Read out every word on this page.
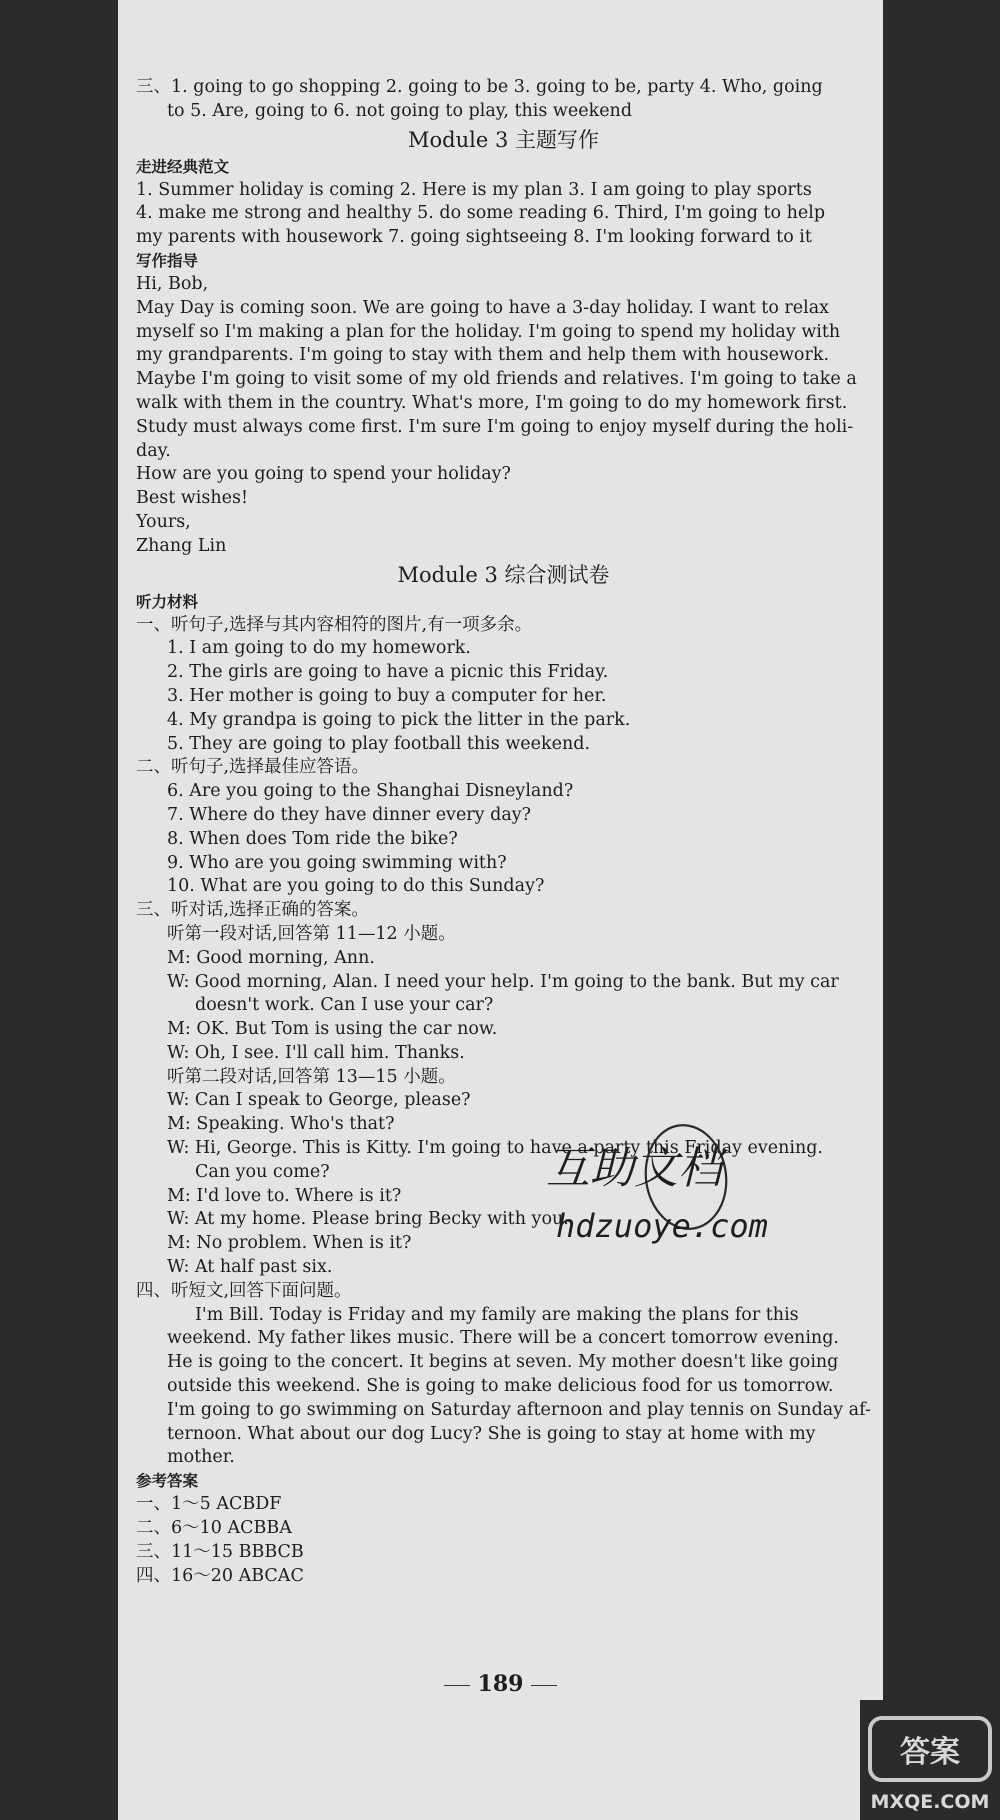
三、1. going to go shopping 2. going to be 3. going to be, party 4. Who, going
to 5. Are, going to 6. not going to play, this weekend
Module 3 主题写作
走进经典范文
1. Summer holiday is coming 2. Here is my plan 3. I am going to play sports
4. make me strong and healthy 5. do some reading 6. Third, I'm going to help
my parents with housework 7. going sightseeing 8. I'm looking forward to it
写作指导
Hi, Bob,
May Day is coming soon. We are going to have a 3-day holiday. I want to relax
myself so I'm making a plan for the holiday. I'm going to spend my holiday with
my grandparents. I'm going to stay with them and help them with housework.
Maybe I'm going to visit some of my old friends and relatives. I'm going to take a
walk with them in the country. What's more, I'm going to do my homework first.
Study must always come first. I'm sure I'm going to enjoy myself during the holi-
day.
How are you going to spend your holiday?
Best wishes!
Yours,
Zhang Lin
Module 3 综合测试卷
听力材料
一、听句子,选择与其内容相符的图片,有一项多余。
1. I am going to do my homework.
2. The girls are going to have a picnic this Friday.
3. Her mother is going to buy a computer for her.
4. My grandpa is going to pick the litter in the park.
5. They are going to play football this weekend.
二、听句子,选择最佳应答语。
6. Are you going to the Shanghai Disneyland?
7. Where do they have dinner every day?
8. When does Tom ride the bike?
9. Who are you going swimming with?
10. What are you going to do this Sunday?
三、听对话,选择正确的答案。
听第一段对话,回答第 11—12 小题。
M: Good morning, Ann.
W: Good morning, Alan. I need your help. I'm going to the bank. But my car
doesn't work. Can I use your car?
M: OK. But Tom is using the car now.
W: Oh, I see. I'll call him. Thanks.
听第二段对话,回答第 13—15 小题。
W: Can I speak to George, please?
M: Speaking. Who's that?
W: Hi, George. This is Kitty. I'm going to have a party this Friday evening.
Can you come?
M: I'd love to. Where is it?
W: At my home. Please bring Becky with you.
M: No problem. When is it?
W: At half past six.
四、听短文,回答下面问题。
I'm Bill. Today is Friday and my family are making the plans for this
weekend. My father likes music. There will be a concert tomorrow evening.
He is going to the concert. It begins at seven. My mother doesn't like going
outside this weekend. She is going to make delicious food for us tomorrow.
I'm going to go swimming on Saturday afternoon and play tennis on Sunday af-
ternoon. What about our dog Lucy? She is going to stay at home with my
mother.
参考答案
一、1～5 ACBDF
二、6～10 ACBBA
三、11～15 BBBCB
四、16～20 ABCAC
189
互助文档
hdzuoye.com
答案
MXQE.COM
